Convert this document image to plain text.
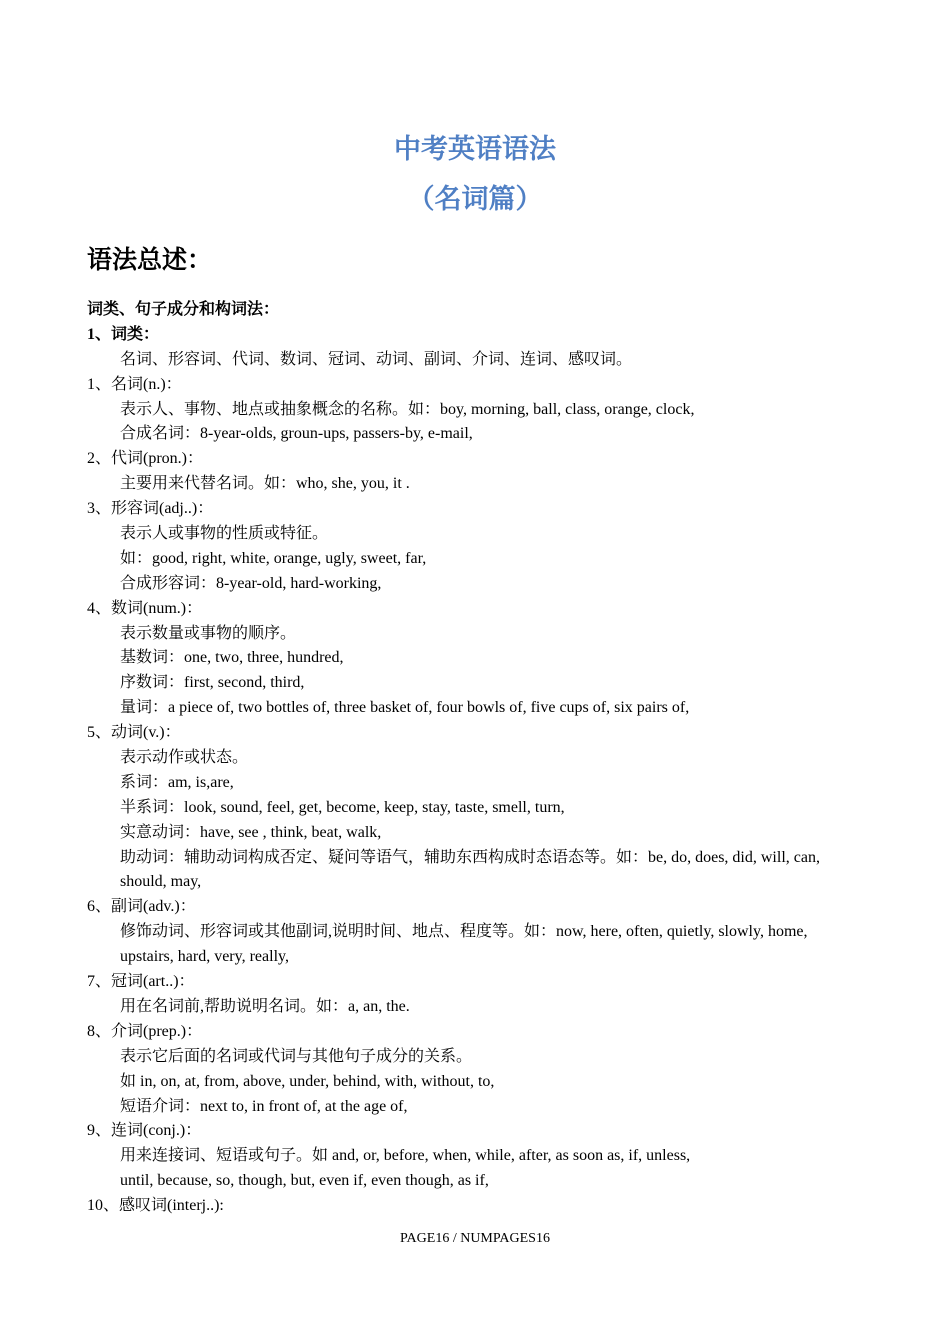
中考英语语法
（名词篇）
语法总述：
词类、句子成分和构词法：
1、词类：
名词、形容词、代词、数词、冠词、动词、副词、介词、连词、感叹词。
1、名词(n.)：
表示人、事物、地点或抽象概念的名称。如：boy, morning, ball, class, orange, clock,
合成名词：8-year-olds, groun-ups, passers-by, e-mail,
2、代词(pron.)：
主要用来代替名词。如：who, she, you, it .
3、形容词(adj..)：
表示人或事物的性质或特征。
如：good, right, white, orange, ugly, sweet, far,
合成形容词：8-year-old, hard-working,
4、数词(num.)：
表示数量或事物的顺序。
基数词：one, two, three, hundred,
序数词：first, second, third,
量词：a piece of, two bottles of, three basket of, four bowls of, five cups of, six pairs of,
5、动词(v.)：
表示动作或状态。
系词：am, is,are,
半系词：look, sound, feel, get, become, keep, stay, taste, smell, turn,
实意动词：have, see , think, beat, walk,
助动词：辅助动词构成否定、疑问等语气，辅助东西构成时态语态等。如：be, do, does, did, will, can,
should, may,
6、副词(adv.)：
修饰动词、形容词或其他副词,说明时间、地点、程度等。如：now, here, often, quietly, slowly, home,
upstairs, hard, very, really,
7、冠词(art..)：
用在名词前,帮助说明名词。如：a, an, the.
8、介词(prep.)：
表示它后面的名词或代词与其他句子成分的关系。
如 in, on, at, from, above, under, behind, with, without, to,
短语介词：next to, in front of, at the age of,
9、连词(conj.)：
用来连接词、短语或句子。如 and, or, before, when, while, after, as soon as, if, unless,
until, because, so, though, but, even if, even though, as if,
10、感叹词(interj..):
PAGE16 / NUMPAGES16
